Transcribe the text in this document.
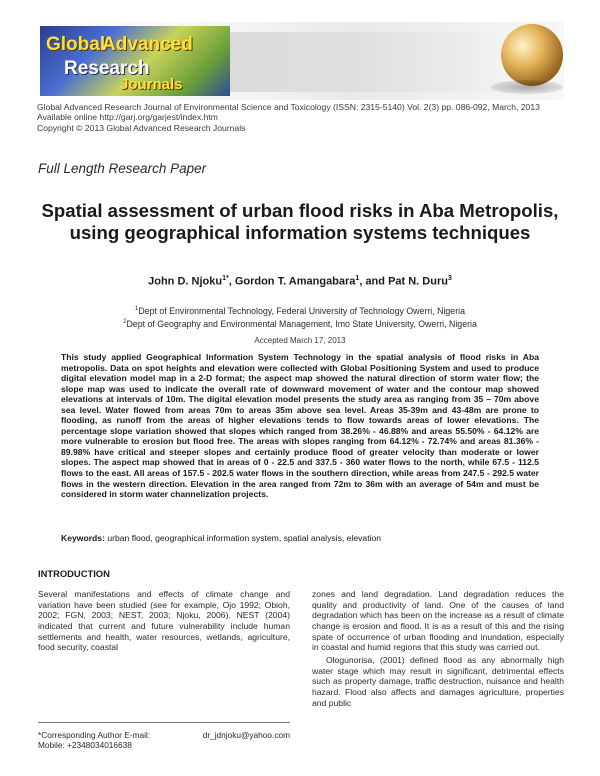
Global
Advanced
Research
Journals
Global Advanced Research Journal of Environmental Science and Toxicology (ISSN: 2315-5140) Vol. 2(3) pp. 086-092, March, 2013
Available online http://garj.org/garjest/index.htm
Copyright © 2013 Global Advanced Research Journals
Full Length Research Paper
Spatial assessment of urban flood risks in Aba Metropolis, using geographical information systems techniques
John D. Njoku$^{1*}$, Gordon T. Amangabara$^1$, and Pat N. Duru$^3$
$^1$Dept of Environmental Technology, Federal University of Technology Owerri, Nigeria
$^2$Dept of Geography and Environmental Management, Imo State University, Owerri, Nigeria
Accepted March 17, 2013
This study applied Geographical Information System Technology in the spatial analysis of flood risks in Aba metropolis. Data on spot heights and elevation were collected with Global Positioning System and used to produce digital elevation model map in a 2-D format; the aspect map showed the natural direction of storm water flow; the slope map was used to indicate the overall rate of downward movement of water and the contour map showed elevations at intervals of 10m. The digital elevation model presents the study area as ranging from 35 – 70m above sea level. Water flowed from areas 70m to areas 35m above sea level. Areas 35-39m and 43-48m are prone to flooding, as runoff from the areas of higher elevations tends to flow towards areas of lower elevations. The percentage slope variation showed that slopes which ranged from 38.26% - 46.88% and areas 55.50% - 64.12% are more vulnerable to erosion but flood free. The areas with slopes ranging from 64.12% - 72.74% and areas 81.36% - 89.98% have critical and steeper slopes and certainly produce flood of greater velocity than moderate or lower slopes. The aspect map showed that in areas of 0 - 22.5 and 337.5 - 360 water flows to the north, while 67.5 - 112.5 flows to the east. All areas of 157.5 - 202.5 water flows in the southern direction, while areas from 247.5 - 292.5 water flows in the western direction. Elevation in the area ranged from 72m to 36m with an average of 54m and must be considered in storm water channelization projects.
Keywords: urban flood, geographical information system, spatial analysis, elevation
INTRODUCTION

Several manifestations and effects of climate change and variation have been studied (see for example, Ojo 1992; Obioh, 2002; FGN, 2003; NEST, 2003; Njoku, 2006). NEST (2004) indicated that current and future vulnerability include human settlements and health, water resources, wetlands, agriculture, food security, coastal

zones and land degradation. Land degradation reduces the quality and productivity of land. One of the causes of land degradation which has been on the increase as a result of climate change is erosion and flood. It is as a result of this and the rising spate of occurrence of urban flooding and inundation, especially in coastal and humid regions that this study was carried out.

Ologunorisa, (2001) defined flood as any abnormally high water stage which may result in significant, detrimental effects such as property damage, traffic destruction, nuisance and health hazard. Flood also affects and damages agriculture, properties and public

*Corresponding Author E-mail:	dr_jdnjoku@yahoo.com
Mobile: +2348034016638
